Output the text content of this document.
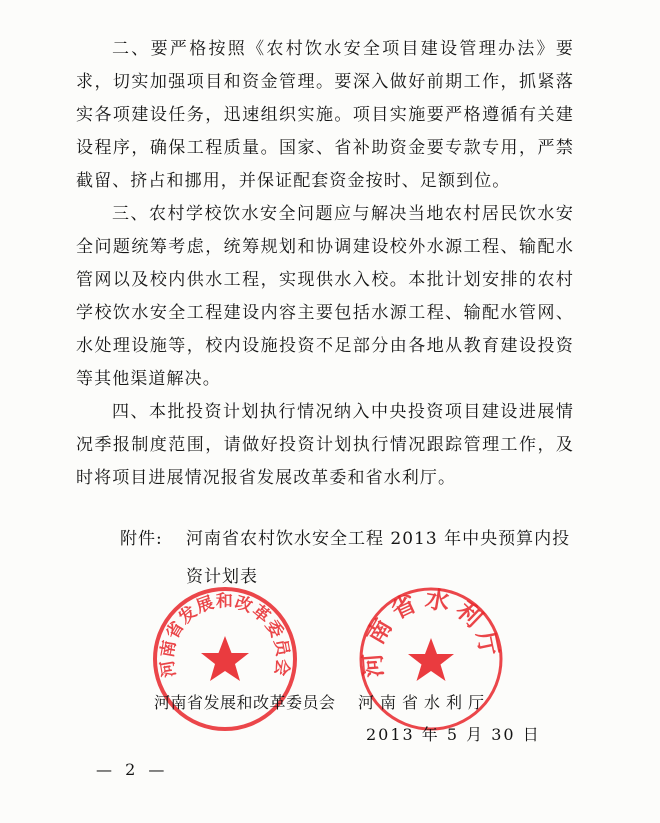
二、要严格按照《农村饮水安全项目建设管理办法》要求，切实加强项目和资金管理。要深入做好前期工作，抓紧落实各项建设任务，迅速组织实施。项目实施要严格遵循有关建设程序，确保工程质量。国家、省补助资金要专款专用，严禁截留、挤占和挪用，并保证配套资金按时、足额到位。

三、农村学校饮水安全问题应与解决当地农村居民饮水安全问题统筹考虑，统筹规划和协调建设校外水源工程、输配水管网以及校内供水工程，实现供水入校。本批计划安排的农村学校饮水安全工程建设内容主要包括水源工程、输配水管网、水处理设施等，校内设施投资不足部分由各地从教育建设投资等其他渠道解决。

四、本批投资计划执行情况纳入中央投资项目建设进展情况季报制度范围，请做好投资计划执行情况跟踪管理工作，及时将项目进展情况报省发展改革委和省水利厅。

附件: 河南省农村饮水安全工程 2013 年中央预算内投资计划表
河南省发展和改革委员会	河南省水利厅
河南省发展和改革委员会 河南省水利厅
2013 年 5 月 30 日
— 2 —
